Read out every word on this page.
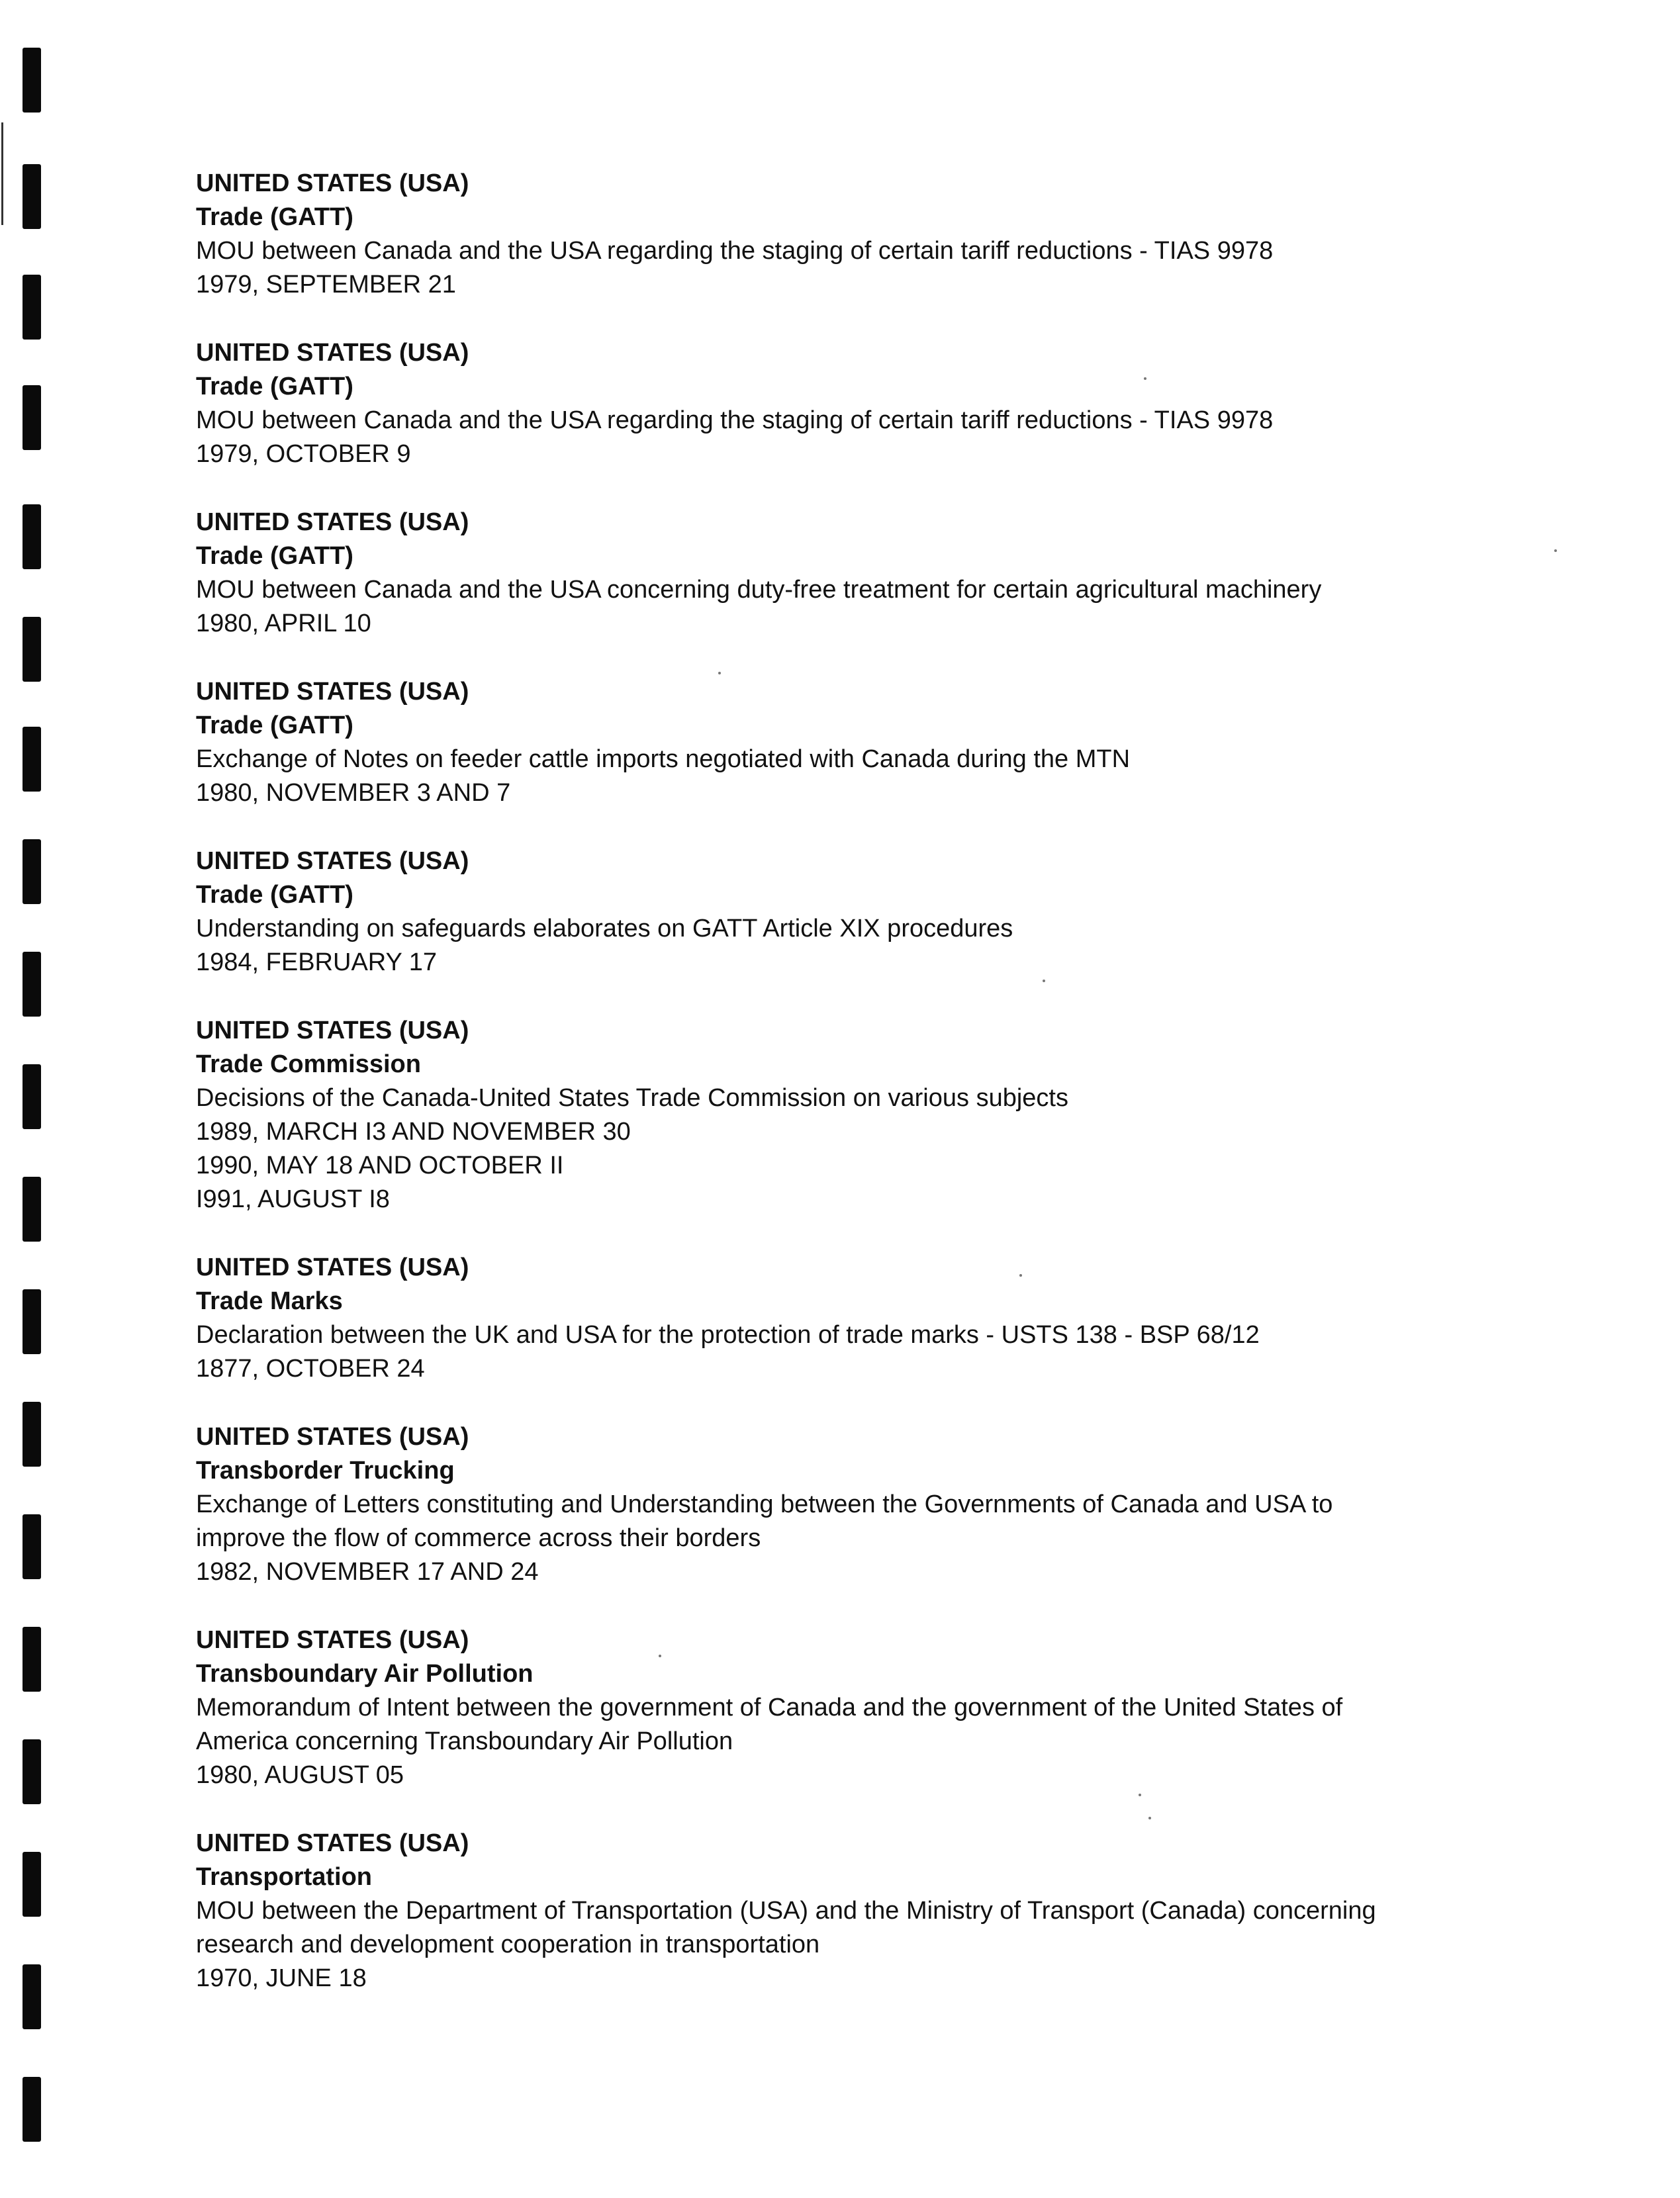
UNITED STATES (USA)
Trade (GATT)
MOU between Canada and the USA regarding the staging of certain tariff reductions - TIAS 9978
1979, SEPTEMBER 21
UNITED STATES (USA)
Trade (GATT)
MOU between Canada and the USA regarding the staging of certain tariff reductions - TIAS 9978
1979, OCTOBER 9
UNITED STATES (USA)
Trade (GATT)
MOU between Canada and the USA concerning duty-free treatment for certain agricultural machinery
1980, APRIL 10
UNITED STATES (USA)
Trade (GATT)
Exchange of Notes on feeder cattle imports negotiated with Canada during the MTN
1980, NOVEMBER 3 AND 7
UNITED STATES (USA)
Trade (GATT)
Understanding on safeguards elaborates on GATT Article XIX procedures
1984, FEBRUARY 17
UNITED STATES (USA)
Trade Commission
Decisions of the Canada-United States Trade Commission on various subjects
1989, MARCH I3 AND NOVEMBER 30
1990, MAY 18 AND OCTOBER II
I991, AUGUST I8
UNITED STATES (USA)
Trade Marks
Declaration between the UK and USA for the protection of trade marks - USTS 138 - BSP 68/12
1877, OCTOBER 24
UNITED STATES (USA)
Transborder Trucking
Exchange of Letters constituting and Understanding between the Governments of Canada and USA to
improve the flow of commerce across their borders
1982, NOVEMBER 17 AND 24
UNITED STATES (USA)
Transboundary Air Pollution
Memorandum of Intent between the government of Canada and the government of the United States of
America concerning Transboundary Air Pollution
1980, AUGUST 05
UNITED STATES (USA)
Transportation
MOU between the Department of Transportation (USA) and the Ministry of Transport (Canada) concerning
research and development cooperation in transportation
1970, JUNE 18
